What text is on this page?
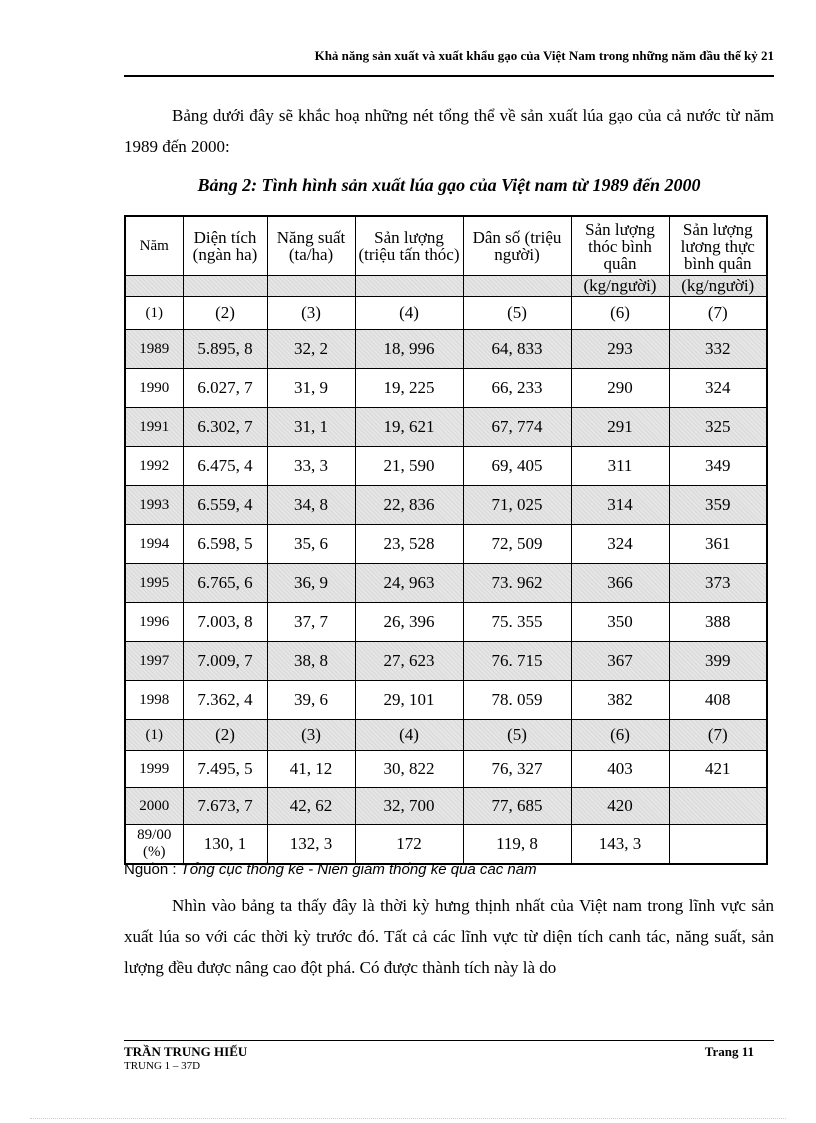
Khả năng sản xuất và xuất khẩu gạo của Việt Nam trong những năm đầu thế kỷ 21

Bảng dưới đây sẽ khắc hoạ những nét tổng thể về sản xuất lúa gạo của cả nước từ năm 1989 đến 2000:

Bảng 2: Tình hình sản xuất lúa gạo của Việt nam từ 1989 đến 2000
Năm	Diện tích (ngàn ha)	Năng suất (ta/ha)	Sản lượng (triệu tấn thóc)	Dân số (triệu người)	Sản lượng thóc bình quân	Sản lượng lương thực bình quân
					(kg/người)	(kg/người)
(1)	(2)	(3)	(4)	(5)	(6)	(7)
1989	5.895, 8	32, 2	18, 996	64, 833	293	332
1990	6.027, 7	31, 9	19, 225	66, 233	290	324
1991	6.302, 7	31, 1	19, 621	67, 774	291	325
1992	6.475, 4	33, 3	21, 590	69, 405	311	349
1993	6.559, 4	34, 8	22, 836	71, 025	314	359
1994	6.598, 5	35, 6	23, 528	72, 509	324	361
1995	6.765, 6	36, 9	24, 963	73. 962	366	373
1996	7.003, 8	37, 7	26, 396	75. 355	350	388
1997	7.009, 7	38, 8	27, 623	76. 715	367	399
1998	7.362, 4	39, 6	29, 101	78. 059	382	408
(1)	(2)	(3)	(4)	(5)	(6)	(7)
1999	7.495, 5	41, 12	30, 822	76, 327	403	421
2000	7.673, 7	42, 62	32, 700	77, 685	420	
89/00 (%)	130, 1	132, 3	172	119, 8	143, 3	
Nguồn : Tổng cục thống kê - Niên giám thống kê qua các năm

Nhìn vào bảng ta thấy đây là thời kỳ hưng thịnh nhất của Việt nam trong lĩnh vực sản xuất lúa so với các thời kỳ trước đó. Tất cả các lĩnh vực từ diện tích canh tác, năng suất, sản lượng đều được nâng cao đột phá. Có được thành tích này là do

TRẦN TRUNG HIẾU
TRUNG 1 – 37D
Trang 11
